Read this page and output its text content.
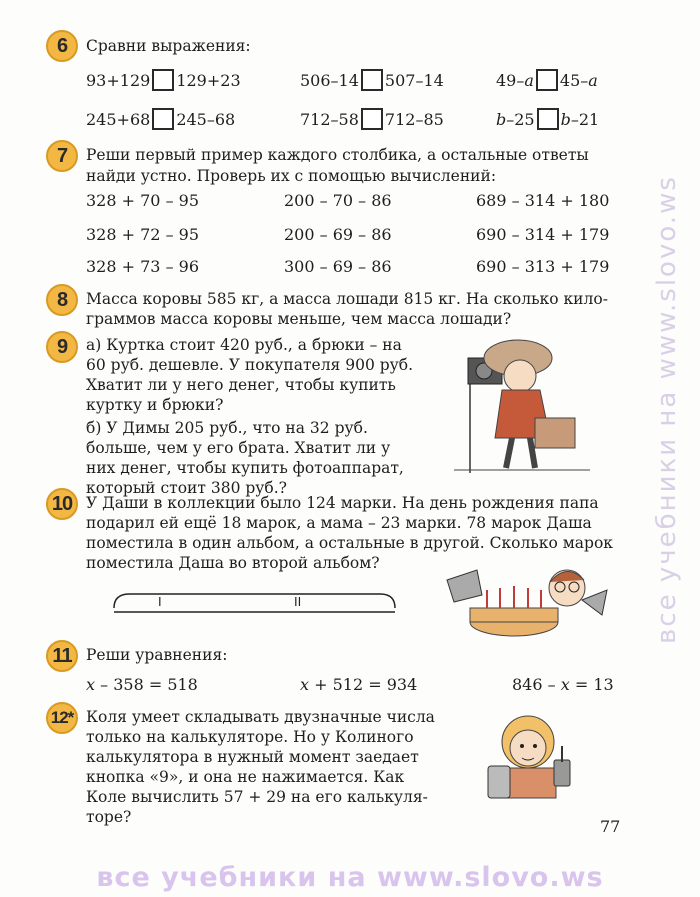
6	Сравни выражения:
93+129 129+23	506–14 507–14	49–a 45–a
245+68 245–68	712–58 712–85	b–25 b–21
7	Реши первый пример каждого столбика, а остальные ответы
найди устно. Проверь их с помощью вычислений:
328 + 70 – 95	200 – 70 – 86	689 – 314 + 180
328 + 72 – 95	200 – 69 – 86	690 – 314 + 179
328 + 73 – 96	300 – 69 – 86	690 – 313 + 179
8	Масса коровы 585 кг, а масса лошади 815 кг. На сколько кило-
граммов масса коровы меньше, чем масса лошади?
9	а) Куртка стоит 420 руб., а брюки – на
60 руб. дешевле. У покупателя 900 руб.
Хватит ли у него денег, чтобы купить
куртку и брюки?
б) У Димы 205 руб., что на 32 руб.
больше, чем у его брата. Хватит ли у
них денег, чтобы купить фотоаппарат,
который стоит 380 руб.?
10 У Даши в коллекции было 124 марки. На день рождения папа
подарил ей ещё 18 марок, а мама – 23 марки. 78 марок Даша
поместила в один альбом, а остальные в другой. Сколько марок
поместила Даша во второй альбом?
I	II
11 Реши уравнения:
x – 358 = 518	x + 512 = 934	846 – x = 13
12* Коля умеет складывать двузначные числа
только на калькуляторе. Но у Колиного
калькулятора в нужный момент заедает
кнопка «9», и она не нажимается. Как
Коле вычислить 57 + 29 на его калькуля-
торе?	77
все учебники на www.slovo.ws
все учебники на www.slovo.ws
